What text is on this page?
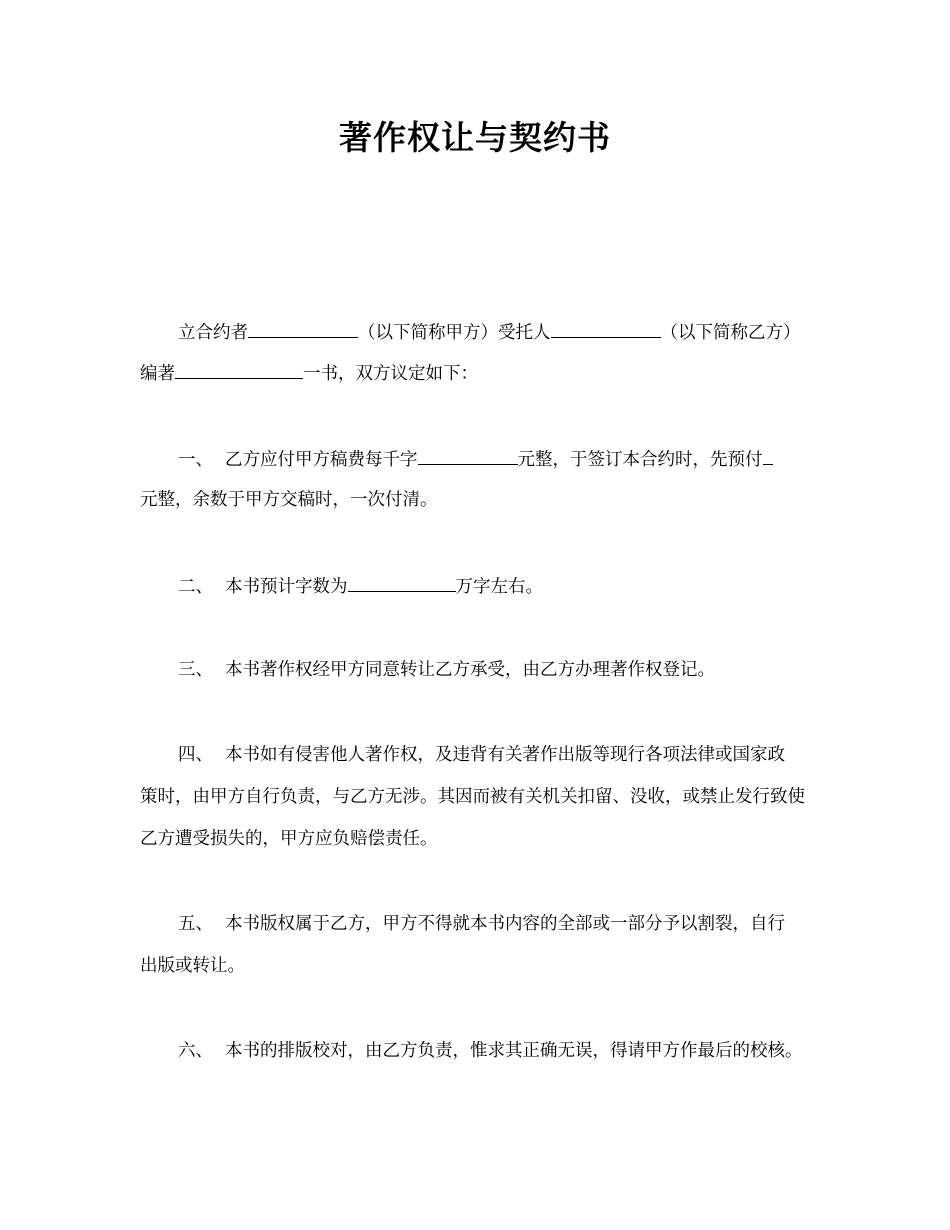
著作权让与契约书
立合约者	（以下简称甲方）受托人	（以下简称乙方）
编著	一书，双方议定如下：
一、 乙方应付甲方稿费每千字	元整，于签订本合约时，先预付
元整，余数于甲方交稿时，一次付清。
二、 本书预计字数为	万字左右。
三、 本书著作权经甲方同意转让乙方承受，由乙方办理著作权登记。
四、 本书如有侵害他人著作权，及违背有关著作出版等现行各项法律或国家政
策时，由甲方自行负责，与乙方无涉。其因而被有关机关扣留、没收，或禁止发行致使
乙方遭受损失的，甲方应负赔偿责任。
五、 本书版权属于乙方，甲方不得就本书内容的全部或一部分予以割裂，自行
出版或转让。
六、 本书的排版校对，由乙方负责，惟求其正确无误，得请甲方作最后的校核。
